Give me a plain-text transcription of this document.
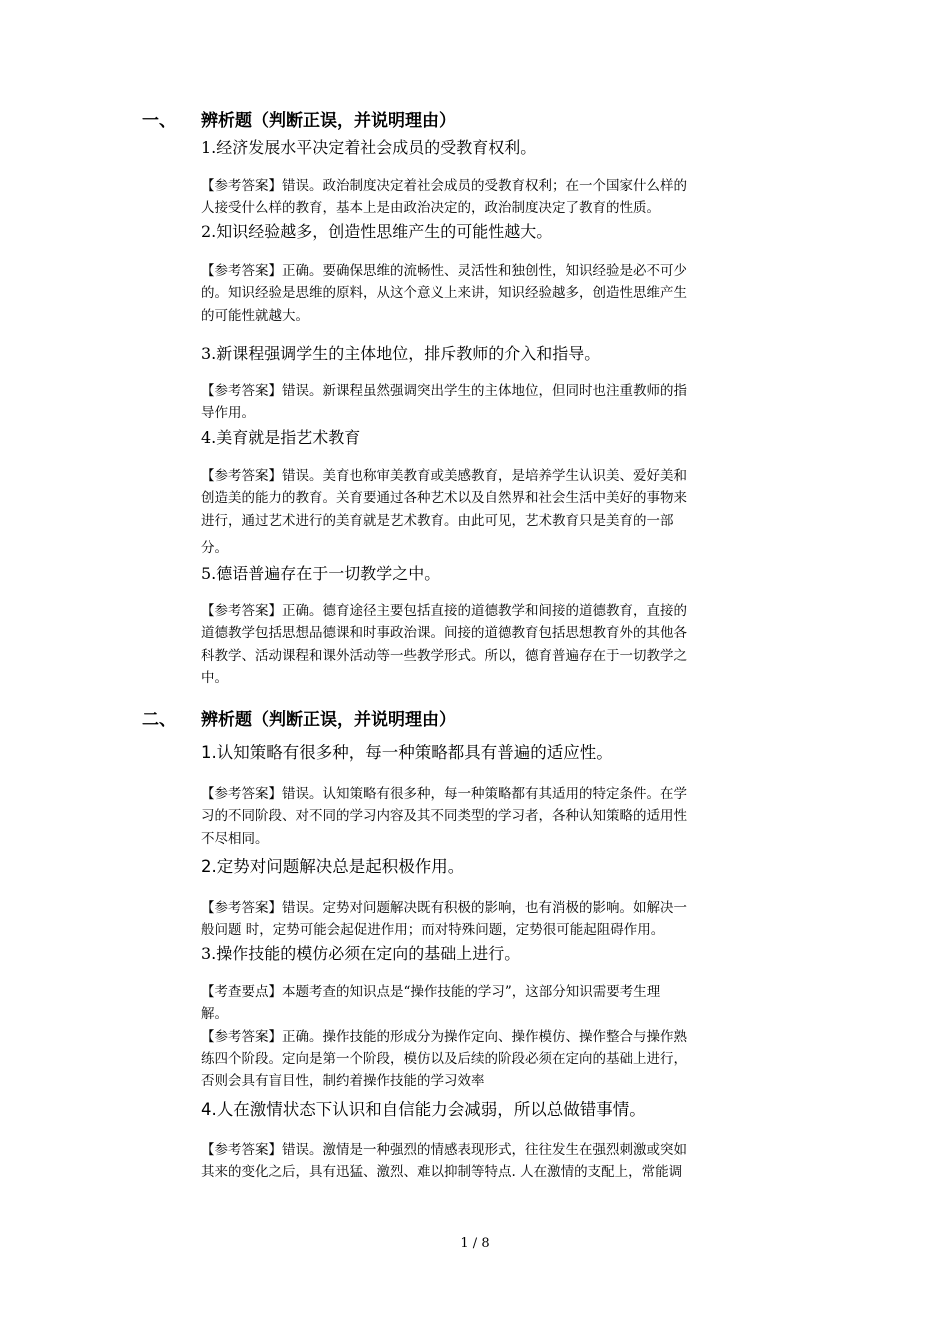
一、 辨析题（判断正误，并说明理由）
1.经济发展水平决定着社会成员的受教育权利。
【参考答案】错误。政治制度决定着社会成员的受教育权利；在一个国家什么样的
人接受什么样的教育，基本上是由政治决定的，政治制度决定了教育的性质。
2.知识经验越多，创造性思维产生的可能性越大。
【参考答案】正确。要确保思维的流畅性、灵活性和独创性，知识经验是必不可少
的。知识经验是思维的原料，从这个意义上来讲，知识经验越多，创造性思维产生
的可能性就越大。
3.新课程强调学生的主体地位，排斥教师的介入和指导。
【参考答案】错误。新课程虽然强调突出学生的主体地位，但同时也注重教师的指
导作用。
4.美育就是指艺术教育
【参考答案】错误。美育也称审美教育或美感教育，是培养学生认识美、爱好美和
创造美的能力的教育。关育要通过各种艺术以及自然界和社会生活中美好的事物来
进行，通过艺术进行的美育就是艺术教育。由此可见，艺术教育只是美育的一部
分。
5.德语普遍存在于一切教学之中。
【参考答案】正确。德育途径主要包括直接的道德教学和间接的道德教育，直接的
道德教学包括思想品德课和时事政治课。间接的道德教育包括思想教育外的其他各
科教学、活动课程和课外活动等一些教学形式。所以，德育普遍存在于一切教学之
中。
二、 辨析题（判断正误，并说明理由）
1.认知策略有很多种，每一种策略都具有普遍的适应性。
【参考答案】错误。认知策略有很多种，每一种策略都有其适用的特定条件。在学
习的不同阶段、对不同的学习内容及其不同类型的学习者，各种认知策略的适用性
不尽相同。
2.定势对问题解决总是起积极作用。
【参考答案】错误。定势对问题解决既有积极的影响，也有消极的影响。如解决一
般问题 时，定势可能会起促进作用；而对特殊问题，定势很可能起阻碍作用。
3.操作技能的模仿必须在定向的基础上进行。
【考查要点】本题考查的知识点是“操作技能的学习”，这部分知识需要考生理
解。
【参考答案】正确。操作技能的形成分为操作定向、操作模仿、操作整合与操作熟
练四个阶段。定向是第一个阶段，模仿以及后续的阶段必须在定向的基础上进行，
否则会具有盲目性，制约着操作技能的学习效率
4.人在激情状态下认识和自信能力会减弱，所以总做错事情。
【参考答案】错误。激情是一种强烈的情感表现形式，往往发生在强烈刺激或突如
其来的变化之后，具有迅猛、激烈、难以抑制等特点. 人在激情的支配上，常能调
1 / 8
